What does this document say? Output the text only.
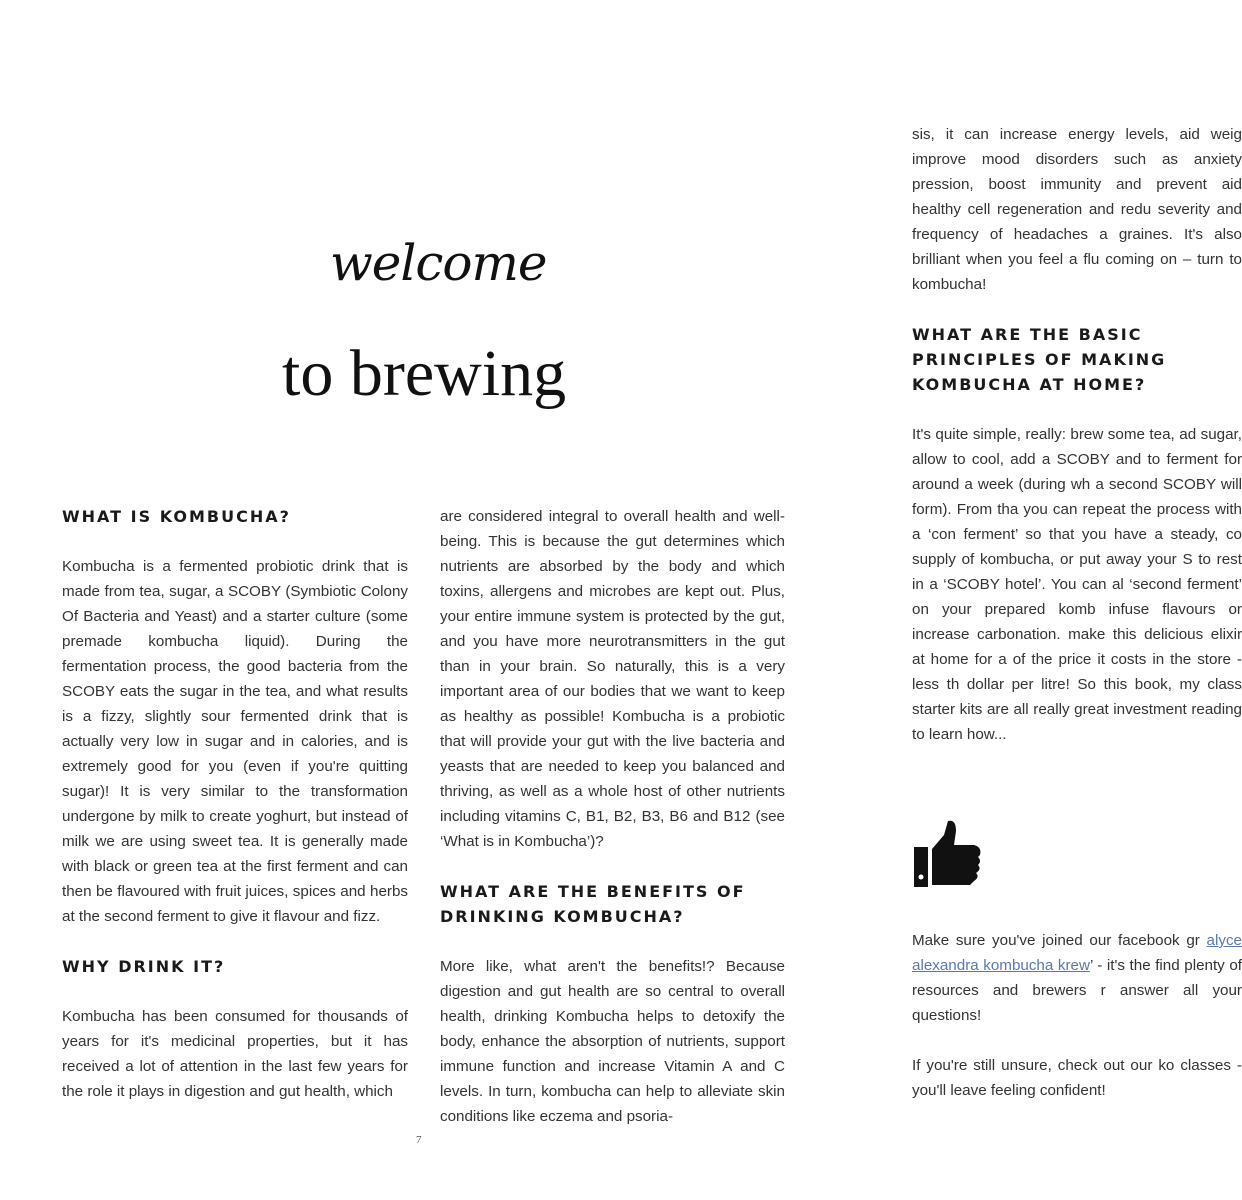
welcome
to brewing
WHAT IS KOMBUCHA?

Kombucha is a fermented probiotic drink that is made from tea, sugar, a SCOBY (Symbiotic Colony Of Bacteria and Yeast) and a starter culture (some premade kombucha liquid). During the fermentation process, the good bacteria from the SCOBY eats the sugar in the tea, and what results is a fizzy, slightly sour fermented drink that is actually very low in sugar and in calories, and is extremely good for you (even if you're quitting sugar)! It is very similar to the transformation undergone by milk to create yoghurt, but instead of milk we are using sweet tea. It is generally made with black or green tea at the first ferment and can then be flavoured with fruit juices, spices and herbs at the second ferment to give it flavour and fizz.

WHY DRINK IT?

Kombucha has been consumed for thousands of years for it's medicinal properties, but it has received a lot of attention in the last few years for the role it plays in digestion and gut health, which

are considered integral to overall health and well-being. This is because the gut determines which nutrients are absorbed by the body and which toxins, allergens and microbes are kept out. Plus, your entire immune system is protected by the gut, and you have more neurotransmitters in the gut than in your brain. So naturally, this is a very important area of our bodies that we want to keep as healthy as possible! Kombucha is a probiotic that will provide your gut with the live bacteria and yeasts that are needed to keep you balanced and thriving, as well as a whole host of other nutrients including vitamins C, B1, B2, B3, B6 and B12 (see ‘What is in Kombucha’)?

WHAT ARE THE BENEFITS OF DRINKING KOMBUCHA?

More like, what aren't the benefits!? Because digestion and gut health are so central to overall health, drinking Kombucha helps to detoxify the body, enhance the absorption of nutrients, support immune function and increase Vitamin A and C levels. In turn, kombucha can help to alleviate skin conditions like eczema and psoria-

sis, it can increase energy levels, aid weig improve mood disorders such as anxiety pression, boost immunity and prevent aid healthy cell regeneration and redu severity and frequency of headaches a graines. It's also brilliant when you feel a flu coming on – turn to kombucha!

WHAT ARE THE BASIC PRINCIPLES OF MAKING KOMBUCHA AT HOME?

It's quite simple, really: brew some tea, ad sugar, allow to cool, add a SCOBY and to ferment for around a week (during wh a second SCOBY will form). From tha you can repeat the process with a ‘con ferment’ so that you have a steady, co supply of kombucha, or put away your S to rest in a ‘SCOBY hotel’. You can al ‘second ferment’ on your prepared komb infuse flavours or increase carbonation. make this delicious elixir at home for a of the price it costs in the store - less th dollar per litre! So this book, my class starter kits are all really great investment reading to learn how...

Make sure you've joined our facebook gr alyce alexandra kombucha krew’ - it's the find plenty of resources and brewers r answer all your questions!

If you're still unsure, check out our ko classes - you'll leave feeling confident!

7
